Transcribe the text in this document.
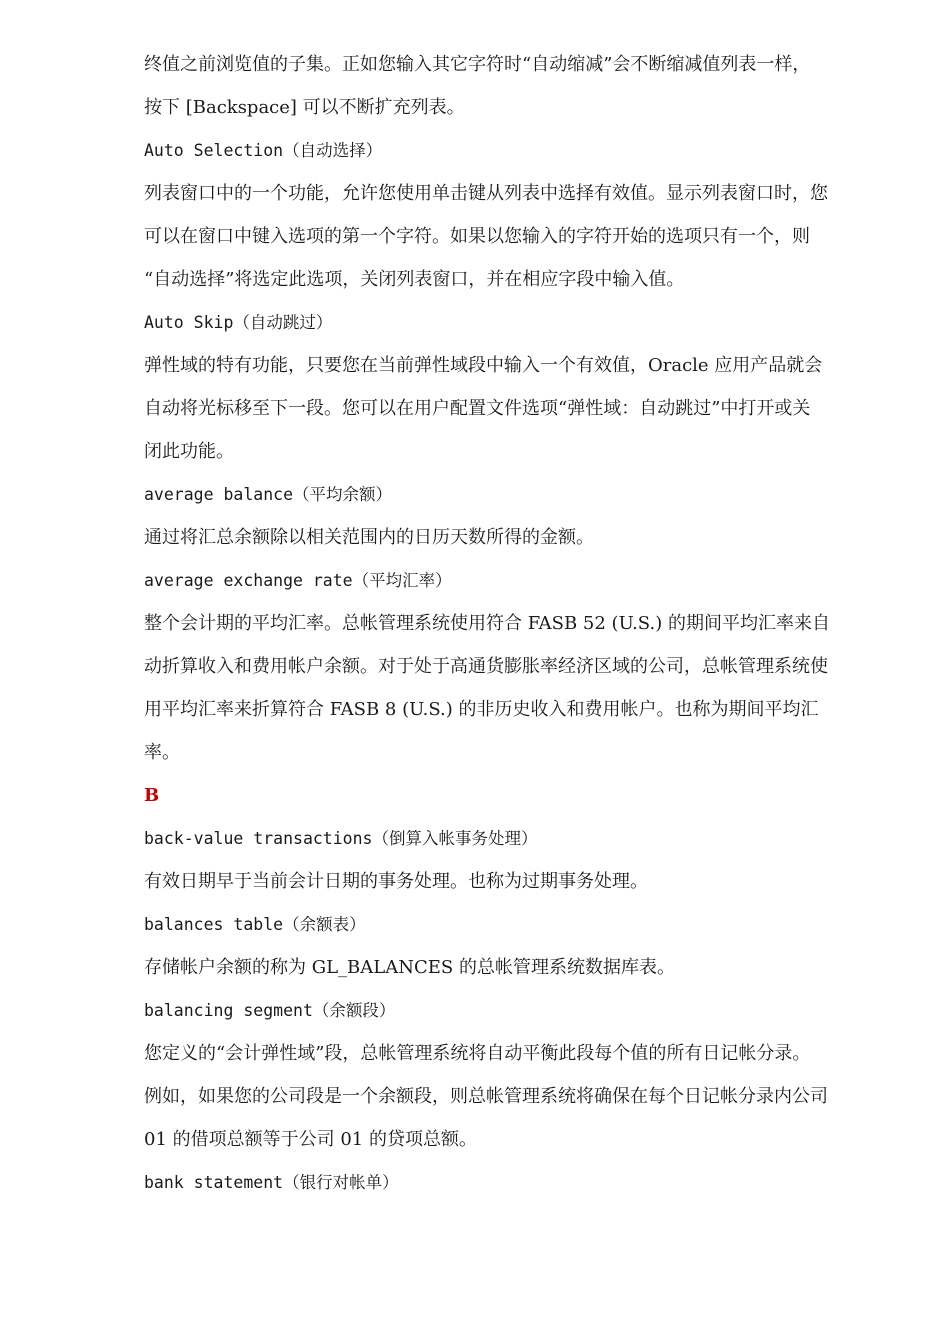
终值之前浏览值的子集。正如您输入其它字符时“自动缩减”会不断缩减值列表一样，
按下 [Backspace] 可以不断扩充列表。
Auto Selection（自动选择）
列表窗口中的一个功能，允许您使用单击键从列表中选择有效值。显示列表窗口时，您
可以在窗口中键入选项的第一个字符。如果以您输入的字符开始的选项只有一个，则
“自动选择”将选定此选项，关闭列表窗口，并在相应字段中输入值。
Auto Skip（自动跳过）
弹性域的特有功能，只要您在当前弹性域段中输入一个有效值，Oracle 应用产品就会
自动将光标移至下一段。您可以在用户配置文件选项“弹性域：自动跳过”中打开或关
闭此功能。
average balance（平均余额）
通过将汇总余额除以相关范围内的日历天数所得的金额。
average exchange rate（平均汇率）
整个会计期的平均汇率。总帐管理系统使用符合 FASB 52 (U.S.) 的期间平均汇率来自
动折算收入和费用帐户余额。对于处于高通货膨胀率经济区域的公司，总帐管理系统使
用平均汇率来折算符合 FASB 8 (U.S.) 的非历史收入和费用帐户。也称为期间平均汇
率。
B
back-value transactions（倒算入帐事务处理）
有效日期早于当前会计日期的事务处理。也称为过期事务处理。
balances table（余额表）
存储帐户余额的称为 GL_BALANCES 的总帐管理系统数据库表。
balancing segment（余额段）
您定义的“会计弹性域”段，总帐管理系统将自动平衡此段每个值的所有日记帐分录。
例如，如果您的公司段是一个余额段，则总帐管理系统将确保在每个日记帐分录内公司
01 的借项总额等于公司 01 的贷项总额。
bank statement（银行对帐单）
